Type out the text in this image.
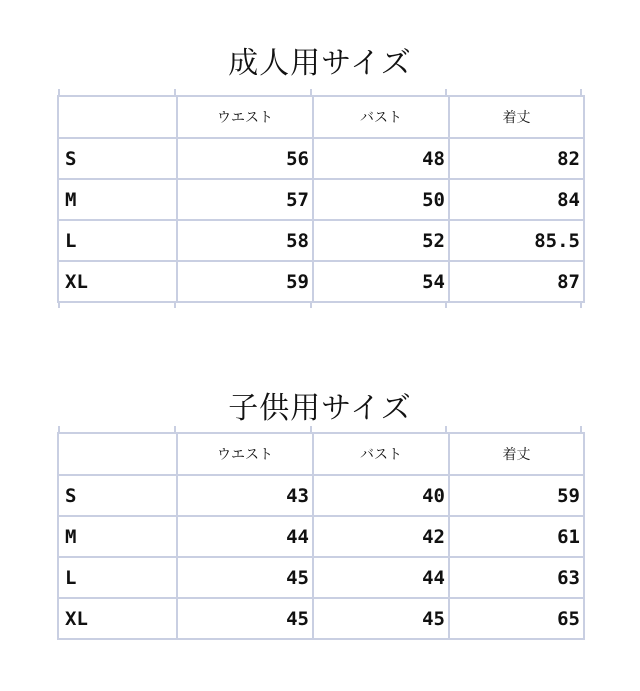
成人用サイズ
	ウエスト	バスト	着丈
S	56	48	82
M	57	50	84
L	58	52	85.5
XL	59	54	87
子供用サイズ
	ウエスト	バスト	着丈
S	43	40	59
M	44	42	61
L	45	44	63
XL	45	45	65
